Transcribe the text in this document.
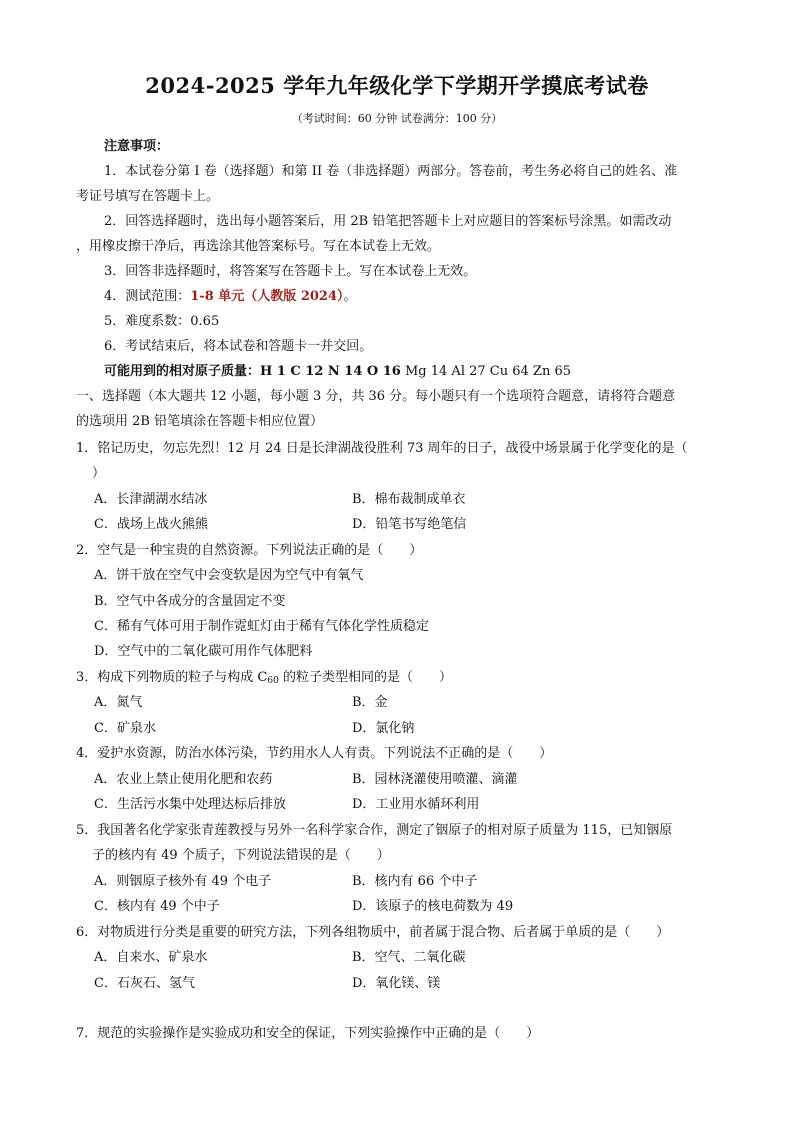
2024-2025 学年九年级化学下学期开学摸底考试卷
（考试时间：60 分钟 试卷满分：100 分）
注意事项：
1．本试卷分第 I 卷（选择题）和第 II 卷（非选择题）两部分。答卷前，考生务必将自己的姓名、准
考证号填写在答题卡上。
2．回答选择题时，选出每小题答案后，用 2B 铅笔把答题卡上对应题目的答案标号涂黑。如需改动
，用橡皮擦干净后，再选涂其他答案标号。写在本试卷上无效。
3．回答非选择题时，将答案写在答题卡上。写在本试卷上无效。
4．测试范围：1-8 单元（人教版 2024）。
5．难度系数：0.65
6．考试结束后，将本试卷和答题卡一并交回。
可能用到的相对原子质量：H 1 C 12 N 14 O 16 Mg 14 Al 27 Cu 64 Zn 65
一、选择题（本大题共 12 小题，每小题 3 分，共 36 分。每小题只有一个选项符合题意，请将符合题意
的选项用 2B 铅笔填涂在答题卡相应位置）
1．铭记历史，勿忘先烈！12 月 24 日是长津湖战役胜利 73 周年的日子，战役中场景属于化学变化的是（
）
A．长津湖湖水结冰	B．棉布裁制成单衣
C．战场上战火熊熊	D．铅笔书写绝笔信
2．空气是一种宝贵的自然资源。下列说法正确的是（　　）
A．饼干放在空气中会变软是因为空气中有氧气
B．空气中各成分的含量固定不变
C．稀有气体可用于制作霓虹灯由于稀有气体化学性质稳定
D．空气中的二氧化碳可用作气体肥料
3．构成下列物质的粒子与构成 $C_{60}$ 的粒子类型相同的是（　　）
A．氮气	B．金
C．矿泉水	D．氯化钠
4．爱护水资源，防治水体污染，节约用水人人有责。下列说法不正确的是（　　）
A．农业上禁止使用化肥和农药	B．园林浇灌使用喷灌、滴灌
C．生活污水集中处理达标后排放	D．工业用水循环利用
5．我国著名化学家张青莲教授与另外一名科学家合作，测定了铟原子的相对原子质量为 115，已知铟原
子的核内有 49 个质子，下列说法错误的是（　　）
A．则铟原子核外有 49 个电子	B．核内有 66 个中子
C．核内有 49 个中子	D．该原子的核电荷数为 49
6．对物质进行分类是重要的研究方法，下列各组物质中，前者属于混合物、后者属于单质的是（　　）
A．自来水、矿泉水	B．空气、二氧化碳
C．石灰石、氢气	D．氧化镁、镁
7．规范的实验操作是实验成功和安全的保证，下列实验操作中正确的是（　　）
